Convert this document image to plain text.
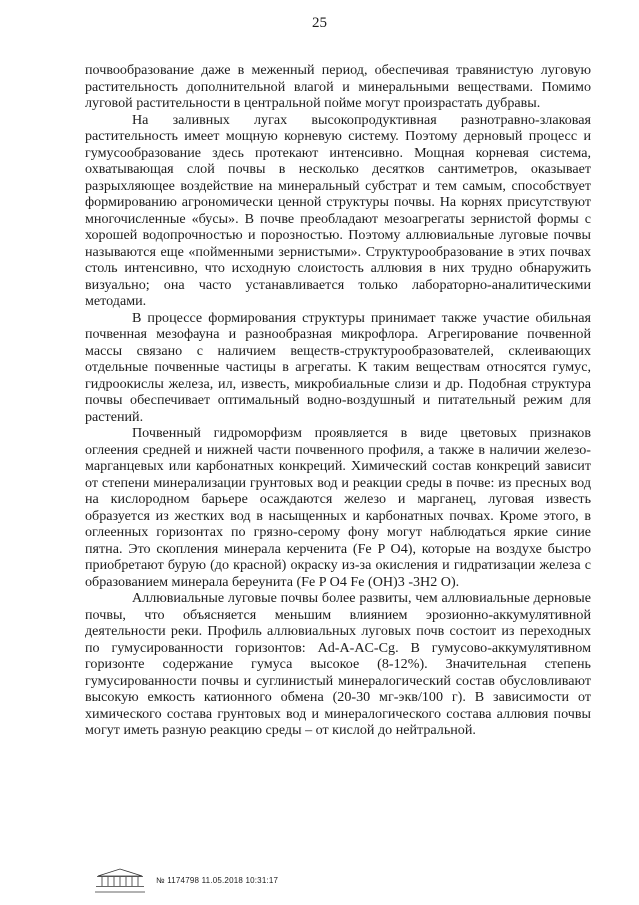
25

почвообразование даже в меженный период, обеспечивая травянистую луговую растительность дополнительной влагой и минеральными веществами. Помимо луговой растительности в центральной пойме могут произрастать дубравы.

На заливных лугах высокопродуктивная разнотравно-злаковая растительность имеет мощную корневую систему. Поэтому дерновый процесс и гумусообразование здесь протекают интенсивно. Мощная корневая система, охватывающая слой почвы в несколько десятков сантиметров, оказывает разрыхляющее воздействие на минеральный субстрат и тем самым, способствует формированию агрономически ценной структуры почвы. На корнях присутствуют многочисленные «бусы». В почве преобладают мезоагрегаты зернистой формы с хорошей водопрочностью и порозностью. Поэтому аллювиальные луговые почвы называются еще «пойменными зернистыми». Структурообразование в этих почвах столь интенсивно, что исходную слоистость аллювия в них трудно обнаружить визуально; она часто устанавливается только лабораторно-аналитическими методами.

В процессе формирования структуры принимает также участие обильная почвенная мезофауна и разнообразная микрофлора. Агрегирование почвенной массы связано с наличием веществ-структурообразователей, склеивающих отдельные почвенные частицы в агрегаты. К таким веществам относятся гумус, гидроокислы железа, ил, известь, микробиальные слизи и др. Подобная структура почвы обеспечивает оптимальный водно-воздушный и питательный режим для растений.

Почвенный гидроморфизм проявляется в виде цветовых признаков оглеения средней и нижней части почвенного профиля, а также в наличии железо-марганцевых или карбонатных конкреций. Химический состав конкреций зависит от степени минерализации грунтовых вод и реакции среды в почве: из пресных вод на кислородном барьере осаждаются железо и марганец, луговая известь образуется из жестких вод в насыщенных и карбонатных почвах. Кроме этого, в оглеенных горизонтах по грязно-серому фону могут наблюдаться яркие синие пятна. Это скопления минерала керченита (Fe P O4), которые на воздухе быстро приобретают бурую (до красной) окраску из-за окисления и гидратизации железа с образованием минерала береунита (Fe P O4 Fe (OH)3 -3H2 O).

Аллювиальные луговые почвы более развиты, чем аллювиальные дерновые почвы, что объясняется меньшим влиянием эрозионно-аккумулятивной деятельности реки. Профиль аллювиальных луговых почв состоит из переходных по гумусированности горизонтов: Ad-A-AC-Cg. В гумусово-аккумулятивном горизонте содержание гумуса высокое (8-12%). Значительная степень гумусированности почвы и суглинистый минералогический состав обусловливают высокую емкость катионного обмена (20-30 мг-экв/100 г). В зависимости от химического состава грунтовых вод и минералогического состава аллювия почвы могут иметь разную реакцию среды – от кислой до нейтральной.

№ 1174798 11.05.2018 10:31:17
